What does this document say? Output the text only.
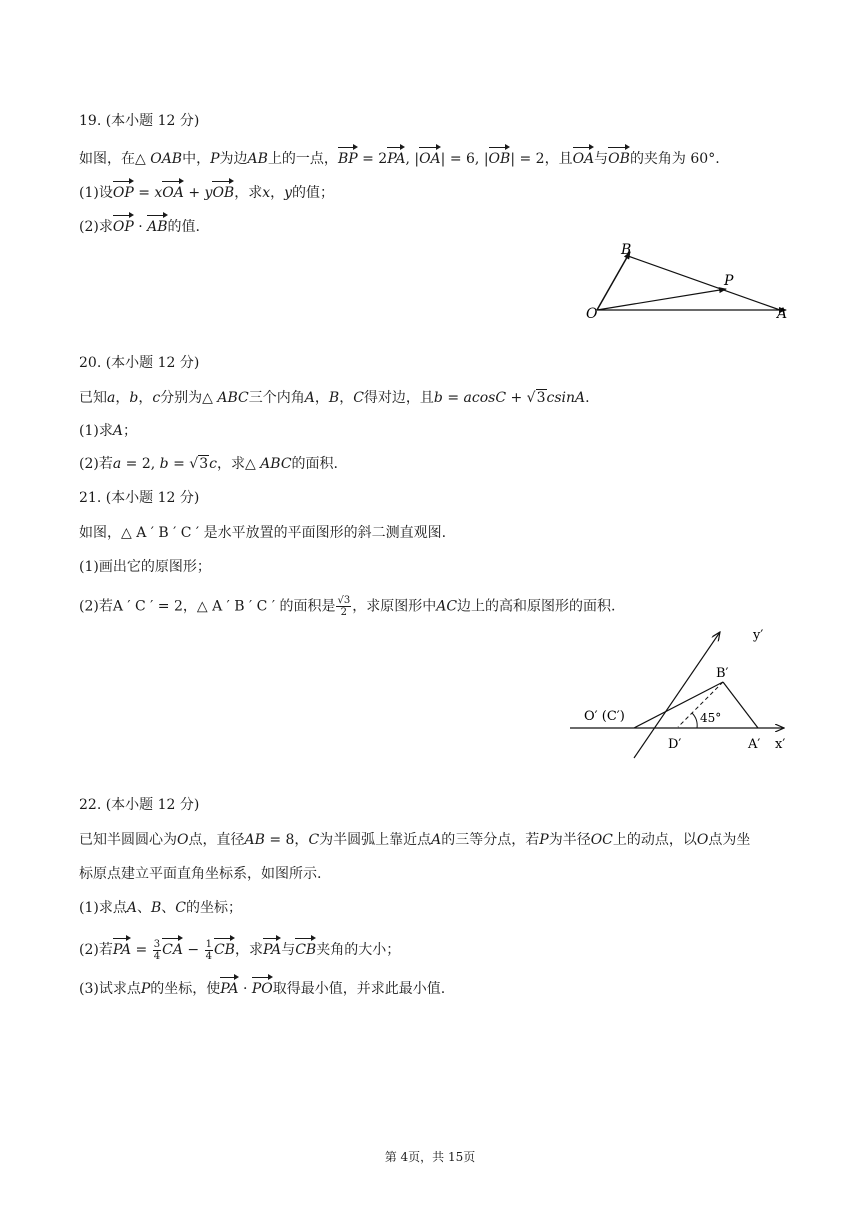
19. (本小题 12 分)
如图，在△ OAB中，P为边AB上的一点，BP = 2PA, |OA| = 6, |OB| = 2，且OA与OB的夹角为 60°.
(1)设OP = xOA + yOB，求x，y的值；
(2)求OP · AB的值.
B
P
O	A
20. (本小题 12 分)
已知a，b，c分别为△ ABC三个内角A，B，C得对边，且b = acosC + √3csinA.
(1)求A；
(2)若a = 2, b = √3c，求△ ABC的面积.
21. (本小题 12 分)
如图，△ A ′ B ′ C ′ 是水平放置的平面图形的斜二测直观图.
(1)画出它的原图形；
(2)若A ′ C ′ = 2，△ A ′ B ′ C ′ 的面积是 $\frac{√3}{2}$ ，求原图形中AC边上的高和原图形的面积.
y′
B′
O′ (C′)	45°
D′	A′ x′
22. (本小题 12 分)
已知半圆圆心为O点，直径AB = 8，C为半圆弧上靠近点A的三等分点，若P为半径OC上的动点，以O点为坐
标原点建立平面直角坐标系，如图所示.
(1)求点A、B、C的坐标；
(2)若PA = $\frac{3}{4}$ CA − $\frac{1}{4}$ CB，求PA与CB夹角的大小；
(3)试求点P的坐标，使PA · PO取得最小值，并求此最小值.
第 4页，共 15页
